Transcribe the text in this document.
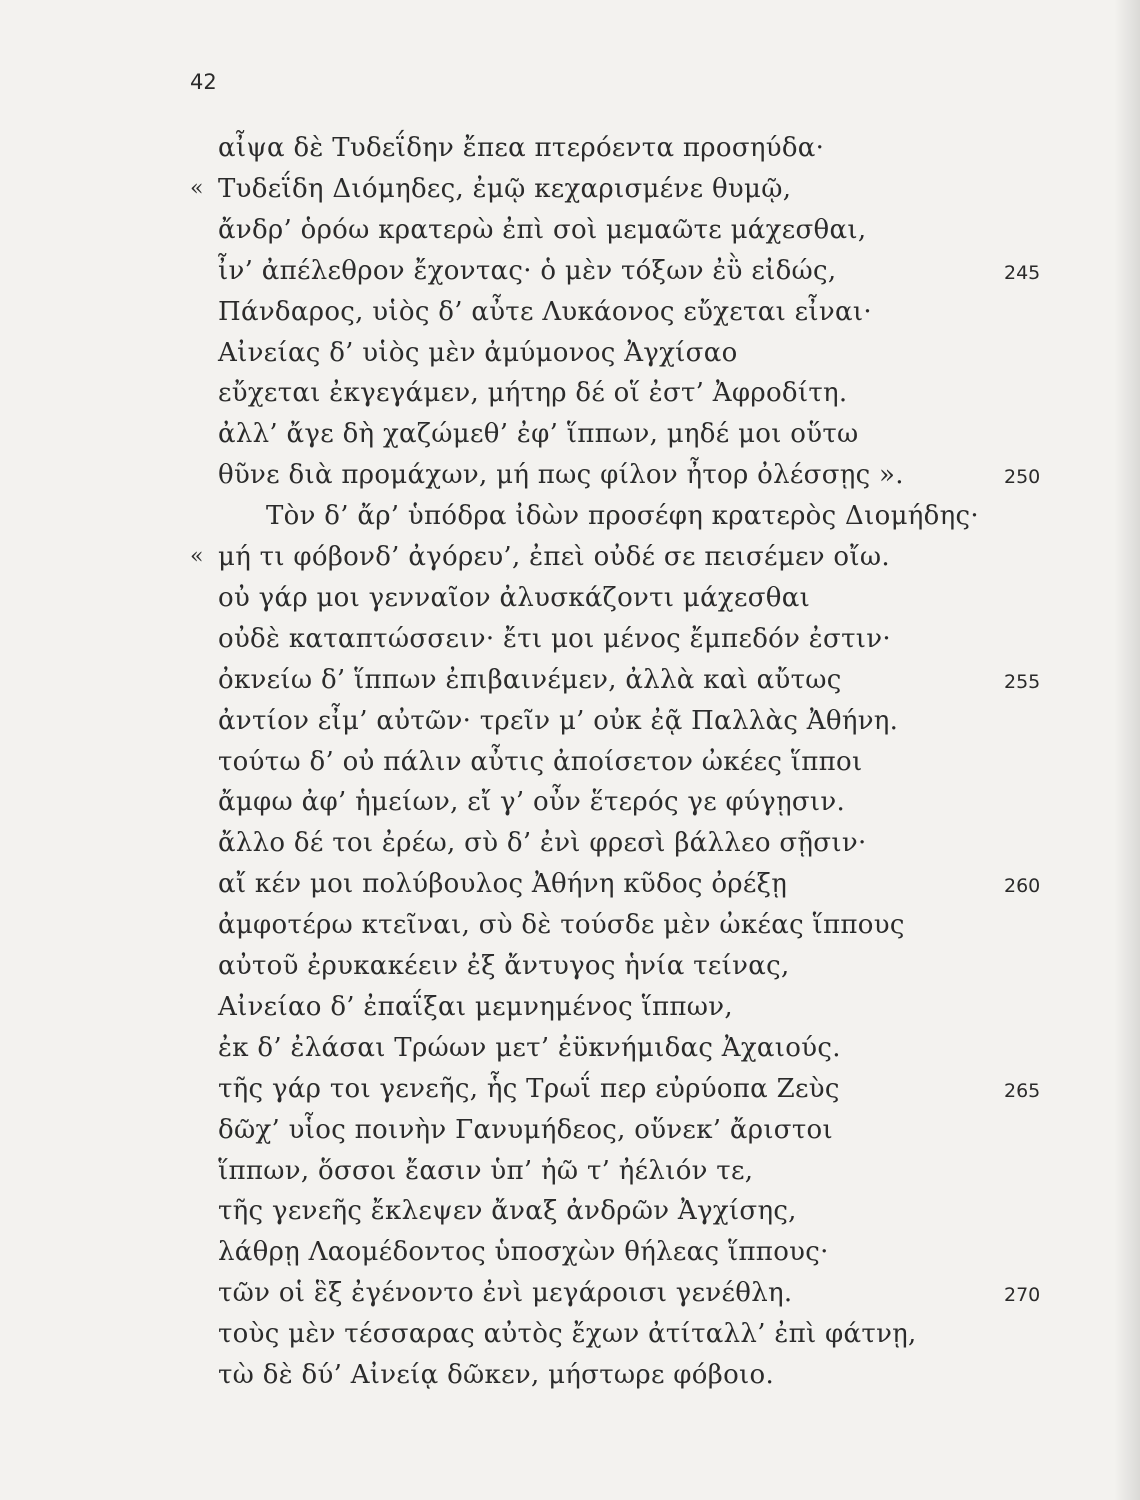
42
αἶψα δὲ Τυδεΐδην ἔπεα πτερόεντα προσηύδα·
« Τυδεΐδη Διόμηδες, ἐμῷ κεχαρισμένε θυμῷ,
ἄνδρ’ ὁρόω κρατερὼ ἐπὶ σοὶ μεμαῶτε μάχεσθαι,
ἶν’ ἀπέλεθρον ἔχοντας· ὁ μὲν τόξων ἐῢ εἰδώς,	245
Πάνδαρος, υἱὸς δ’ αὖτε Λυκάονος εὔχεται εἶναι·
Αἰνείας δ’ υἱὸς μὲν ἀμύμονος Ἀγχίσαο
εὔχεται ἐκγεγάμεν, μήτηρ δέ οἵ ἐστ’ Ἀφροδίτη.
ἀλλ’ ἄγε δὴ χαζώμεθ’ ἐφ’ ἵππων, μηδέ μοι οὕτω
θῦνε διὰ προμάχων, μή πως φίλον ἦτορ ὀλέσσῃς ».	250
Τὸν δ’ ἄρ’ ὑπόδρα ἰδὼν προσέφη κρατερὸς Διομήδης·
« μή τι φόβονδ’ ἀγόρευ’, ἐπεὶ οὐδέ σε πεισέμεν οἴω.
οὐ γάρ μοι γενναῖον ἀλυσκάζοντι μάχεσθαι
οὐδὲ καταπτώσσειν· ἔτι μοι μένος ἔμπεδόν ἐστιν·
ὀκνείω δ’ ἵππων ἐπιβαινέμεν, ἀλλὰ καὶ αὔτως	255
ἀντίον εἶμ’ αὐτῶν· τρεῖν μ’ οὐκ ἐᾷ Παλλὰς Ἀθήνη.
τούτω δ’ οὐ πάλιν αὖτις ἀποίσετον ὠκέες ἵπποι
ἄμφω ἀφ’ ἡμείων, εἴ γ’ οὖν ἕτερός γε φύγῃσιν.
ἄλλο δέ τοι ἐρέω, σὺ δ’ ἐνὶ φρεσὶ βάλλεο σῇσιν·
αἴ κέν μοι πολύβουλος Ἀθήνη κῦδος ὀρέξῃ	260
ἀμφοτέρω κτεῖναι, σὺ δὲ τούσδε μὲν ὠκέας ἵππους
αὐτοῦ ἐρυκακέειν ἐξ ἄντυγος ἡνία τείνας,
Αἰνείαο δ’ ἐπαΐξαι μεμνημένος ἵππων,
ἐκ δ’ ἐλάσαι Τρώων μετ’ ἐϋκνήμιδας Ἀχαιούς.
τῆς γάρ τοι γενεῆς, ἧς Τρωΐ περ εὐρύοπα Ζεὺς	265
δῶχ’ υἷος ποινὴν Γανυμήδεος, οὕνεκ’ ἄριστοι
ἵππων, ὅσσοι ἔασιν ὑπ’ ἠῶ τ’ ἠέλιόν τε,
τῆς γενεῆς ἔκλεψεν ἄναξ ἀνδρῶν Ἀγχίσης,
λάθρῃ Λαομέδοντος ὑποσχὼν θήλεας ἵππους·
τῶν οἱ ἓξ ἐγένοντο ἐνὶ μεγάροισι γενέθλη.	270
τοὺς μὲν τέσσαρας αὐτὸς ἔχων ἀτίταλλ’ ἐπὶ φάτνῃ,
τὼ δὲ δύ’ Αἰνείᾳ δῶκεν, μήστωρε φόβοιο.
